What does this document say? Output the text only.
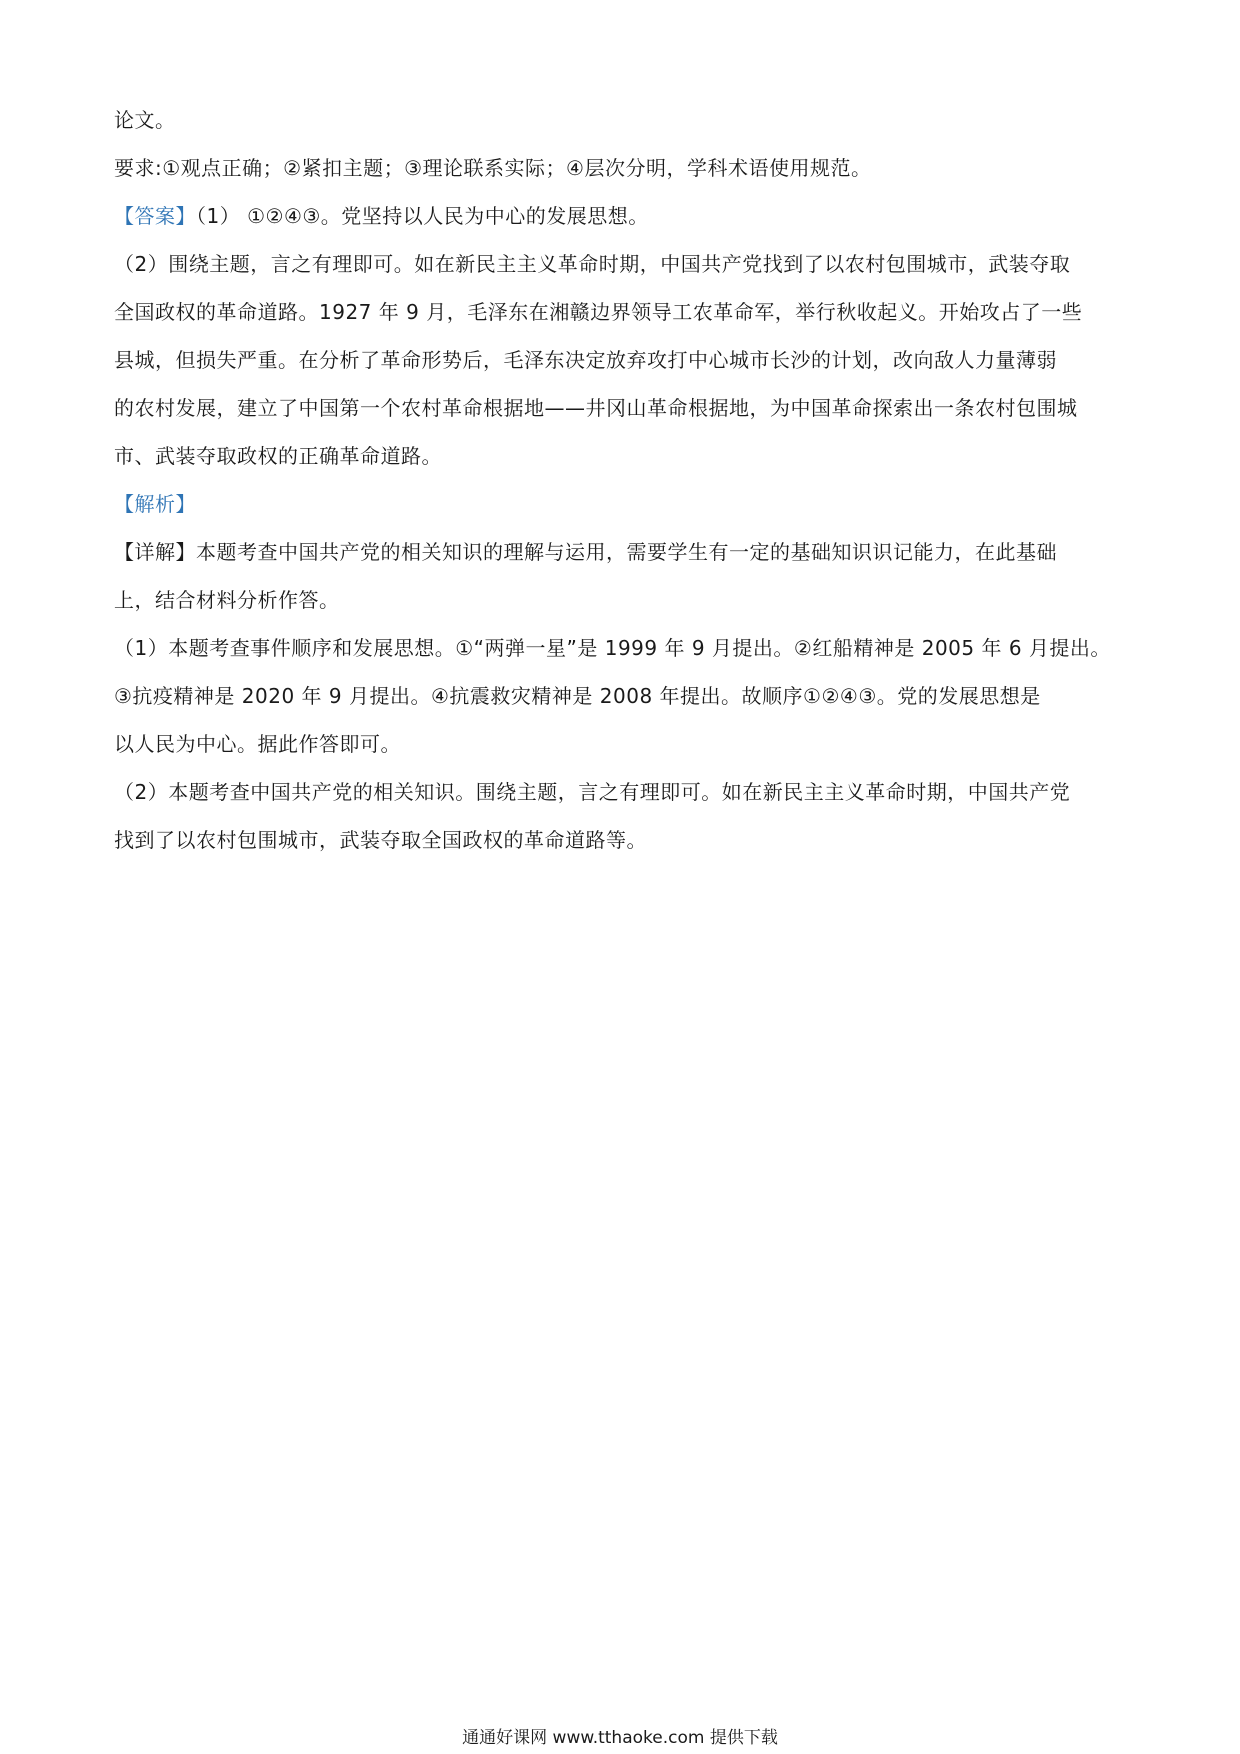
论文。
要求:①观点正确；②紧扣主题；③理论联系实际；④层次分明，学科术语使用规范。
【答案】（1） ①②④③。党坚持以人民为中心的发展思想。
（2）围绕主题，言之有理即可。如在新民主主义革命时期，中国共产党找到了以农村包围城市，武装夺取
全国政权的革命道路。1927 年 9 月，毛泽东在湘赣边界领导工农革命军，举行秋收起义。开始攻占了一些
县城，但损失严重。在分析了革命形势后，毛泽东决定放弃攻打中心城市长沙的计划，改向敌人力量薄弱
的农村发展，建立了中国第一个农村革命根据地——井冈山革命根据地，为中国革命探索出一条农村包围城
市、武装夺取政权的正确革命道路。
【解析】
【详解】本题考查中国共产党的相关知识的理解与运用，需要学生有一定的基础知识识记能力，在此基础
上，结合材料分析作答。
（1）本题考查事件顺序和发展思想。①“两弹一星”是 1999 年 9 月提出。②红船精神是 2005 年 6 月提出。
③抗疫精神是 2020 年 9 月提出。④抗震救灾精神是 2008 年提出。故顺序①②④③。党的发展思想是
以人民为中心。据此作答即可。
（2）本题考查中国共产党的相关知识。围绕主题，言之有理即可。如在新民主主义革命时期，中国共产党
找到了以农村包围城市，武装夺取全国政权的革命道路等。
通通好课网 www.tthaoke.com 提供下载
